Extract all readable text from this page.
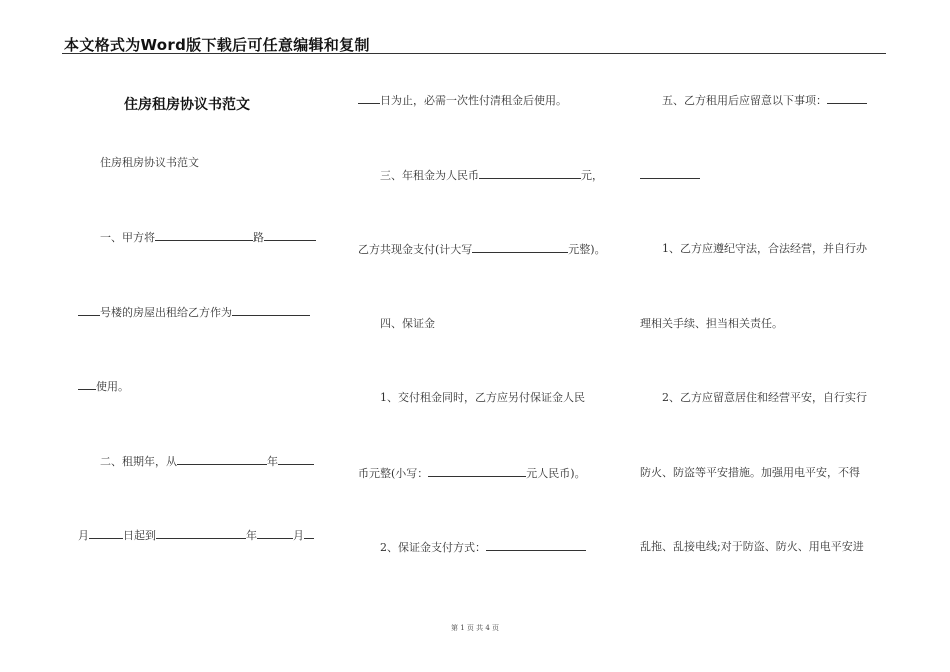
本文格式为Word版下载后可任意编辑和复制
住房租房协议书范文
住房租房协议书范文
一、甲方将	路
号楼的房屋出租给乙方作为
使用。
二、租期年，从	年
月	日起到	年	月
日为止，必需一次性付清租金后使用。
三、年租金为人民币	元，
乙方共现金支付(计大写	元整)。
四、保证金
1、交付租金同时，乙方应另付保证金人民
币元整(小写：	元人民币)。
2、保证金支付方式：
五、乙方租用后应留意以下事项：
1、乙方应遵纪守法，合法经营，并自行办
理相关手续、担当相关责任。
2、乙方应留意居住和经营平安，自行实行
防火、防盗等平安措施。加强用电平安，不得
乱拖、乱接电线;对于防盗、防火、用电平安进
第 1 页 共 4 页
